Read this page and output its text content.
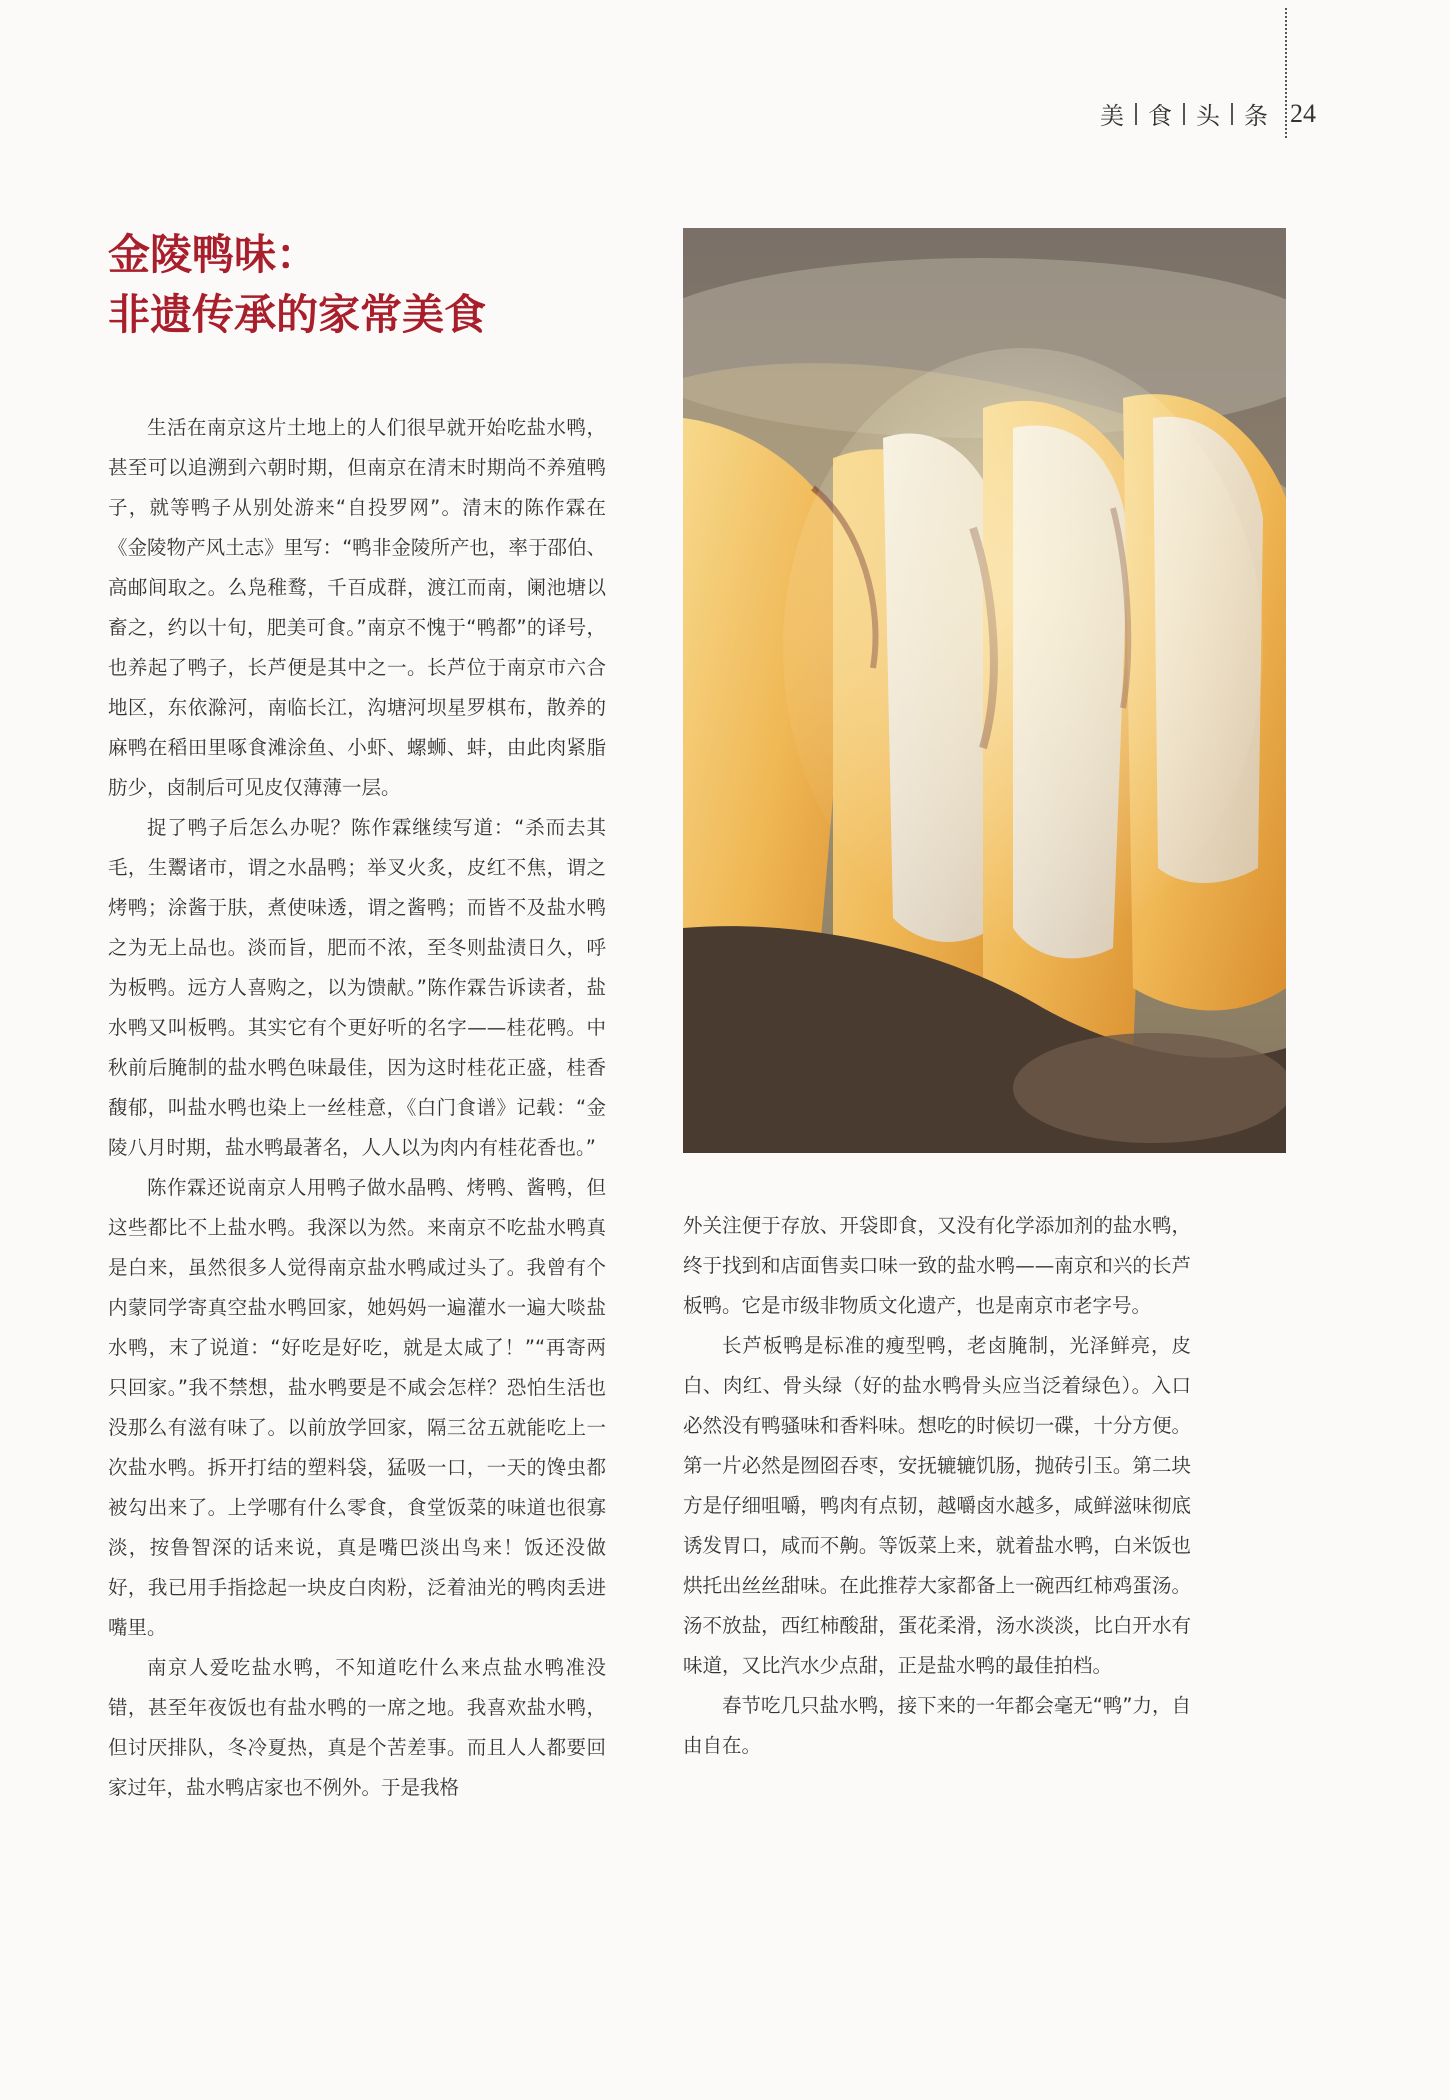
美 食 头 条 24
金陵鸭味：
非遗传承的家常美食

生活在南京这片土地上的人们很早就开始吃盐水鸭，甚至可以追溯到六朝时期，但南京在清末时期尚不养殖鸭子，就等鸭子从别处游来“自投罗网”。清末的陈作霖在《金陵物产风土志》里写：“鸭非金陵所产也，率于邵伯、高邮间取之。么凫稚鹜，千百成群，渡江而南，阑池塘以畜之，约以十旬，肥美可食。”南京不愧于“鸭都”的译号，也养起了鸭子，长芦便是其中之一。长芦位于南京市六合地区，东依滁河，南临长江，沟塘河坝星罗棋布，散养的麻鸭在稻田里啄食滩涂鱼、小虾、螺蛳、蚌，由此肉紧脂肪少，卤制后可见皮仅薄薄一层。

捉了鸭子后怎么办呢？陈作霖继续写道：“杀而去其毛，生鬻诸市，谓之水晶鸭；举叉火炙，皮红不焦，谓之烤鸭；涂酱于肤，煮使味透，谓之酱鸭；而皆不及盐水鸭之为无上品也。淡而旨，肥而不浓，至冬则盐渍日久，呼为板鸭。远方人喜购之，以为馈献。”陈作霖告诉读者，盐水鸭又叫板鸭。其实它有个更好听的名字——桂花鸭。中秋前后腌制的盐水鸭色味最佳，因为这时桂花正盛，桂香馥郁，叫盐水鸭也染上一丝桂意，《白门食谱》记载：“金陵八月时期，盐水鸭最著名，人人以为肉内有桂花香也。”

陈作霖还说南京人用鸭子做水晶鸭、烤鸭、酱鸭，但这些都比不上盐水鸭。我深以为然。来南京不吃盐水鸭真是白来，虽然很多人觉得南京盐水鸭咸过头了。我曾有个内蒙同学寄真空盐水鸭回家，她妈妈一遍灌水一遍大啖盐水鸭，末了说道：“好吃是好吃，就是太咸了！”“再寄两只回家。”我不禁想，盐水鸭要是不咸会怎样？恐怕生活也没那么有滋有味了。以前放学回家，隔三岔五就能吃上一次盐水鸭。拆开打结的塑料袋，猛吸一口，一天的馋虫都被勾出来了。上学哪有什么零食，食堂饭菜的味道也很寡淡，按鲁智深的话来说，真是嘴巴淡出鸟来！饭还没做好，我已用手指捻起一块皮白肉粉，泛着油光的鸭肉丢进嘴里。

南京人爱吃盐水鸭，不知道吃什么来点盐水鸭准没错，甚至年夜饭也有盐水鸭的一席之地。我喜欢盐水鸭，但讨厌排队，冬冷夏热，真是个苦差事。而且人人都要回家过年，盐水鸭店家也不例外。于是我格

外关注便于存放、开袋即食，又没有化学添加剂的盐水鸭，终于找到和店面售卖口味一致的盐水鸭——南京和兴的长芦板鸭。它是市级非物质文化遗产，也是南京市老字号。

长芦板鸭是标准的瘦型鸭，老卤腌制，光泽鲜亮，皮白、肉红、骨头绿（好的盐水鸭骨头应当泛着绿色）。入口必然没有鸭骚味和香料味。想吃的时候切一碟，十分方便。第一片必然是囫囵吞枣，安抚辘辘饥肠，抛砖引玉。第二块方是仔细咀嚼，鸭肉有点韧，越嚼卤水越多，咸鲜滋味彻底诱发胃口，咸而不齁。等饭菜上来，就着盐水鸭，白米饭也烘托出丝丝甜味。在此推荐大家都备上一碗西红柿鸡蛋汤。汤不放盐，西红柿酸甜，蛋花柔滑，汤水淡淡，比白开水有味道，又比汽水少点甜，正是盐水鸭的最佳拍档。

春节吃几只盐水鸭，接下来的一年都会毫无“鸭”力，自由自在。
